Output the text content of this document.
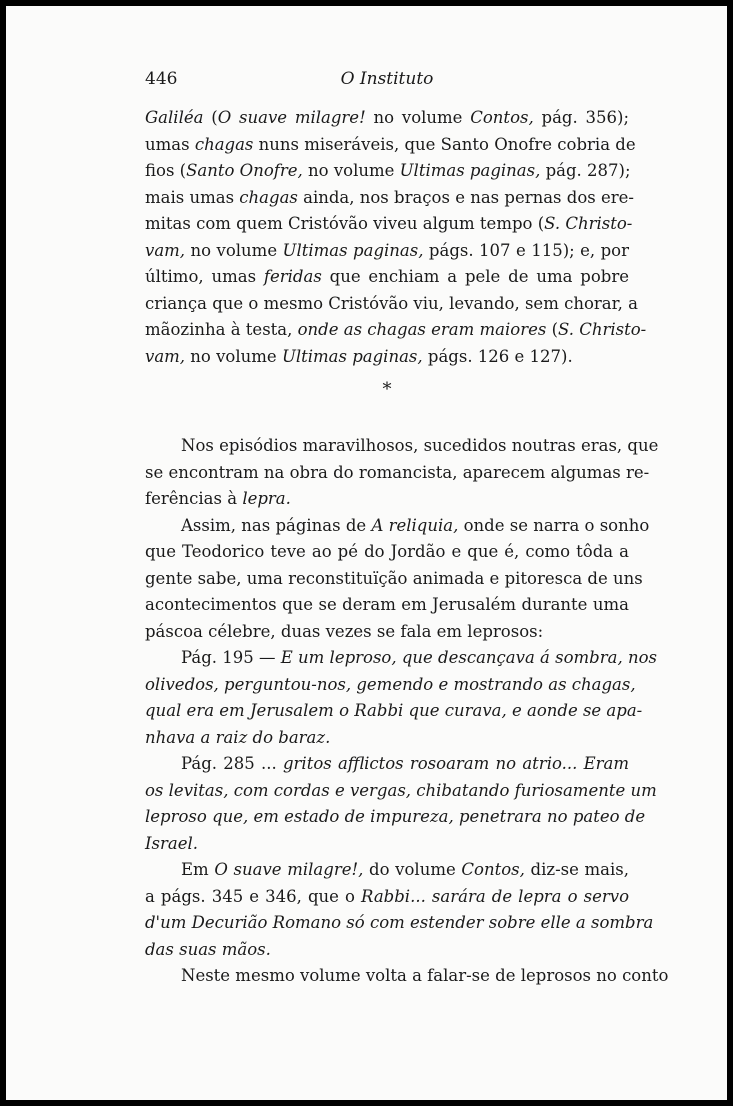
446	O Instituto
Galiléa (O suave milagre! no volume Contos, pág. 356);
umas chagas nuns miseráveis, que Santo Onofre cobria de
fios (Santo Onofre, no volume Ultimas paginas, pág. 287);
mais umas chagas ainda, nos braços e nas pernas dos ere-
mitas com quem Cristóvão viveu algum tempo (S. Christo-
vam, no volume Ultimas paginas, págs. 107 e 115); e, por
último, umas feridas que enchiam a pele de uma pobre
criança que o mesmo Cristóvão viu, levando, sem chorar, a
mãozinha à testa, onde as chagas eram maiores (S. Christo-
vam, no volume Ultimas paginas, págs. 126 e 127).
*
Nos episódios maravilhosos, sucedidos noutras eras, que
se encontram na obra do romancista, aparecem algumas re-
ferências à lepra.
Assim, nas páginas de A reliquia, onde se narra o sonho
que Teodorico teve ao pé do Jordão e que é, como tôda a
gente sabe, uma reconstituïção animada e pitoresca de uns
acontecimentos que se deram em Jerusalém durante uma
páscoa célebre, duas vezes se fala em leprosos:
Pág. 195 — E um leproso, que descançava á sombra, nos
olivedos, perguntou-nos, gemendo e mostrando as chagas,
qual era em Jerusalem o Rabbi que curava, e aonde se apa-
nhava a raiz do baraz.
Pág. 285 ... gritos afflictos rosoaram no atrio... Eram
os levitas, com cordas e vergas, chibatando furiosamente um
leproso que, em estado de impureza, penetrara no pateo de
Israel.
Em O suave milagre!, do volume Contos, diz-se mais,
a págs. 345 e 346, que o Rabbi... sarára de lepra o servo
d'um Decurião Romano só com estender sobre elle a sombra
das suas mãos.
Neste mesmo volume volta a falar-se de leprosos no conto
